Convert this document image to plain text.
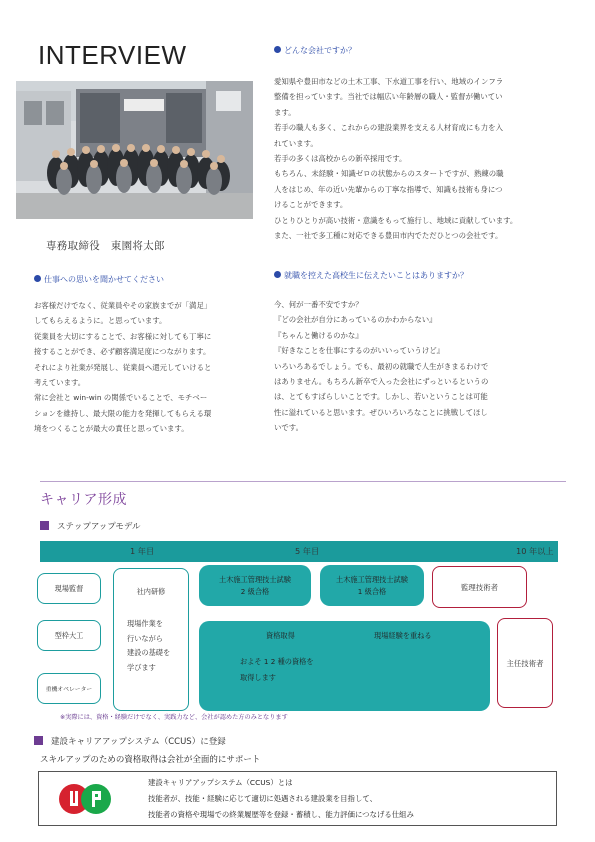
INTERVIEW
専務取締役　東園将太郎
仕事への思いを聞かせてください
お客様だけでなく、従業員やその家族までが「満足」
してもらえるように。と思っています。
従業員を大切にすることで、お客様に対しても丁寧に
接することができ、必ず顧客満足度につながります。
それにより社業が発展し、従業員へ還元していけると
考えています。
常に会社と win-win の関係でいることで、モチベー
ションを維持し、最大限の能力を発揮してもらえる環
境をつくることが最大の責任と思っています。
どんな会社ですか？
愛知県や豊田市などの土木工事、下水道工事を行い、地域のインフラ
整備を担っています。当社では幅広い年齢層の職人・監督が働いてい
ます。
若手の職人も多く、これからの建設業界を支える人材育成にも力を入
れています。
若手の多くは高校からの新卒採用です。
もちろん、未経験・知識ゼロの状態からのスタートですが、熟練の職
人をはじめ、年の近い先輩からの丁寧な指導で、知識も技術も身につ
けることができます。
ひとりひとりが高い技術・意識をもって施行し、地域に貢献しています。
また、一社で多工種に対応できる豊田市内でただひとつの会社です。
就職を控えた高校生に伝えたいことはありますか？
今、何が一番不安ですか？
『どの会社が自分にあっているのかわからない』
『ちゃんと働けるのかな』
『好きなことを仕事にするのがいいっていうけど』
いろいろあるでしょう。でも、最初の就職で人生がきまるわけで
はありません。もちろん新卒で入った会社にずっといるというの
は、とてもすばらしいことです。しかし、若いということは可能
性に溢れていると思います。ぜひいろいろなことに挑戦してほし
いです。
キャリア形成
ステップアップモデル
1 年目	5 年目	10 年以上
現場監督
型枠大工
重機オペレーター
社内研修
現場作業を
行いながら
建設の基礎を
学びます
土木施工管理技士試験
2 級合格
土木施工管理技士試験
1 級合格	監理技術者
資格取得	現場経験を重ねる
およそ 1 2 種の資格を
取得します
主任技術者
※実際には、資格・経験だけでなく、実践力など、会社が認めた方のみとなります
建設キャリアアップシステム（CCUS）に登録
スキルアップのための資格取得は会社が全面的にサポート
建設キャリアアップシステム（CCUS）とは
技能者が、技能・経験に応じて適切に処遇される建設業を目指して、
技能者の資格や現場での終業履歴等を登録・蓄積し、能力評価につなげる仕組み
